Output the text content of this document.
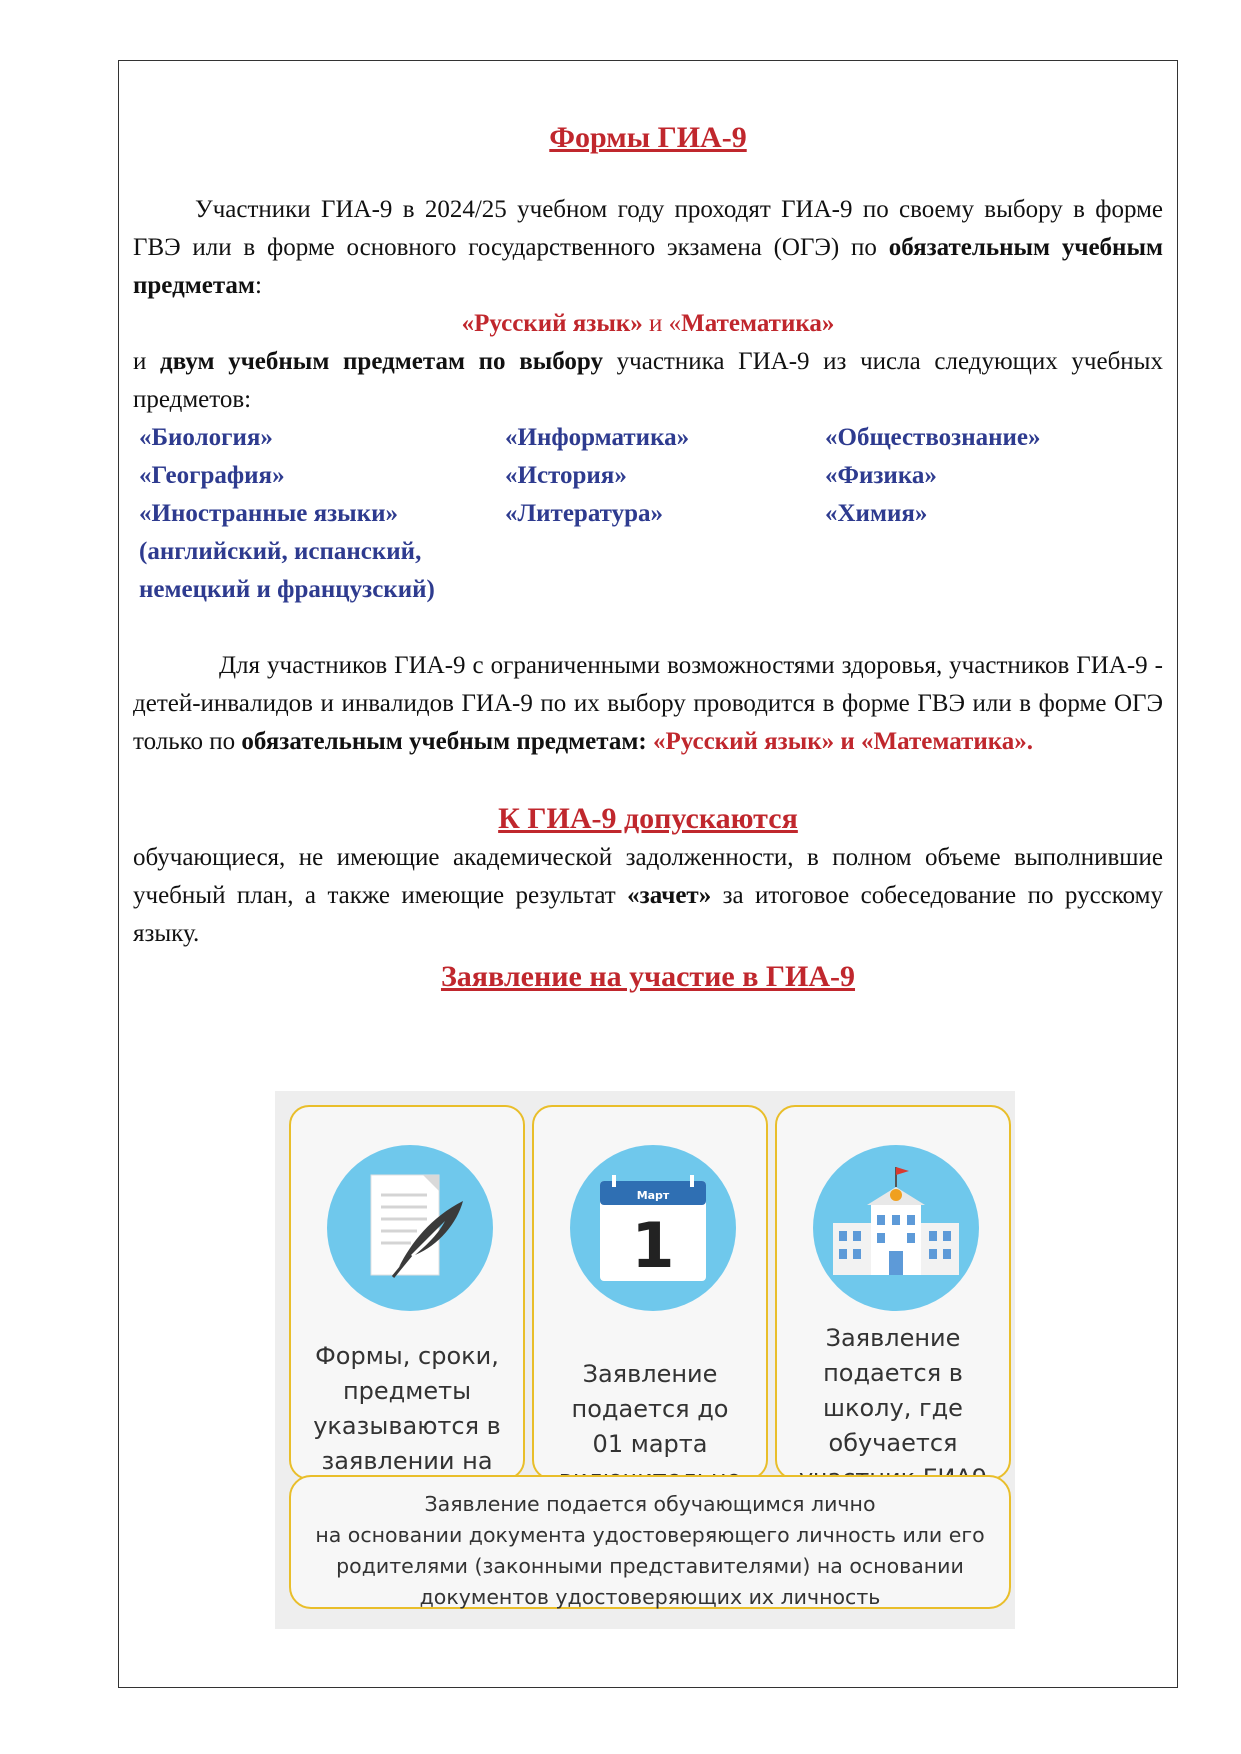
Формы ГИА-9

Участники ГИА-9 в 2024/25 учебном году проходят ГИА-9 по своему выбору в форме ГВЭ или в форме основного государственного экзамена (ОГЭ) по обязательным учебным предметам:

«Русский язык» и «Математика»

и двум учебным предметам по выбору участника ГИА-9 из числа следующих учебных предметов:

«Биология»	«Информатика»	«Обществознание»
«География»	«История»	«Физика»
«Иностранные языки»	«Литература»	«Химия»
(английский, испанский,
немецкий и французский)

Для участников ГИА-9 с ограниченными возможностями здоровья, участников ГИА-9 - детей-инвалидов и инвалидов ГИА-9 по их выбору проводится в форме ГВЭ или в форме ОГЭ только по обязательным учебным предметам: «Русский язык» и «Математика».

К ГИА-9 допускаются

обучающиеся, не имеющие академической задолженности, в полном объеме выполнившие учебный план, а также имеющие результат «зачет» за итоговое собеседование по русскому языку.

Заявление на участие в ГИА-9
Формы, сроки,
предметы
указываются в
заявлении на
Март
1
Заявление
подается до
01 марта
Заявление
подается в
школу, где
обучается
Заявление подается обучающимся лично
на основании документа удостоверяющего личность или его
родителями (законными представителями) на основании
документов удостоверяющих их личность
